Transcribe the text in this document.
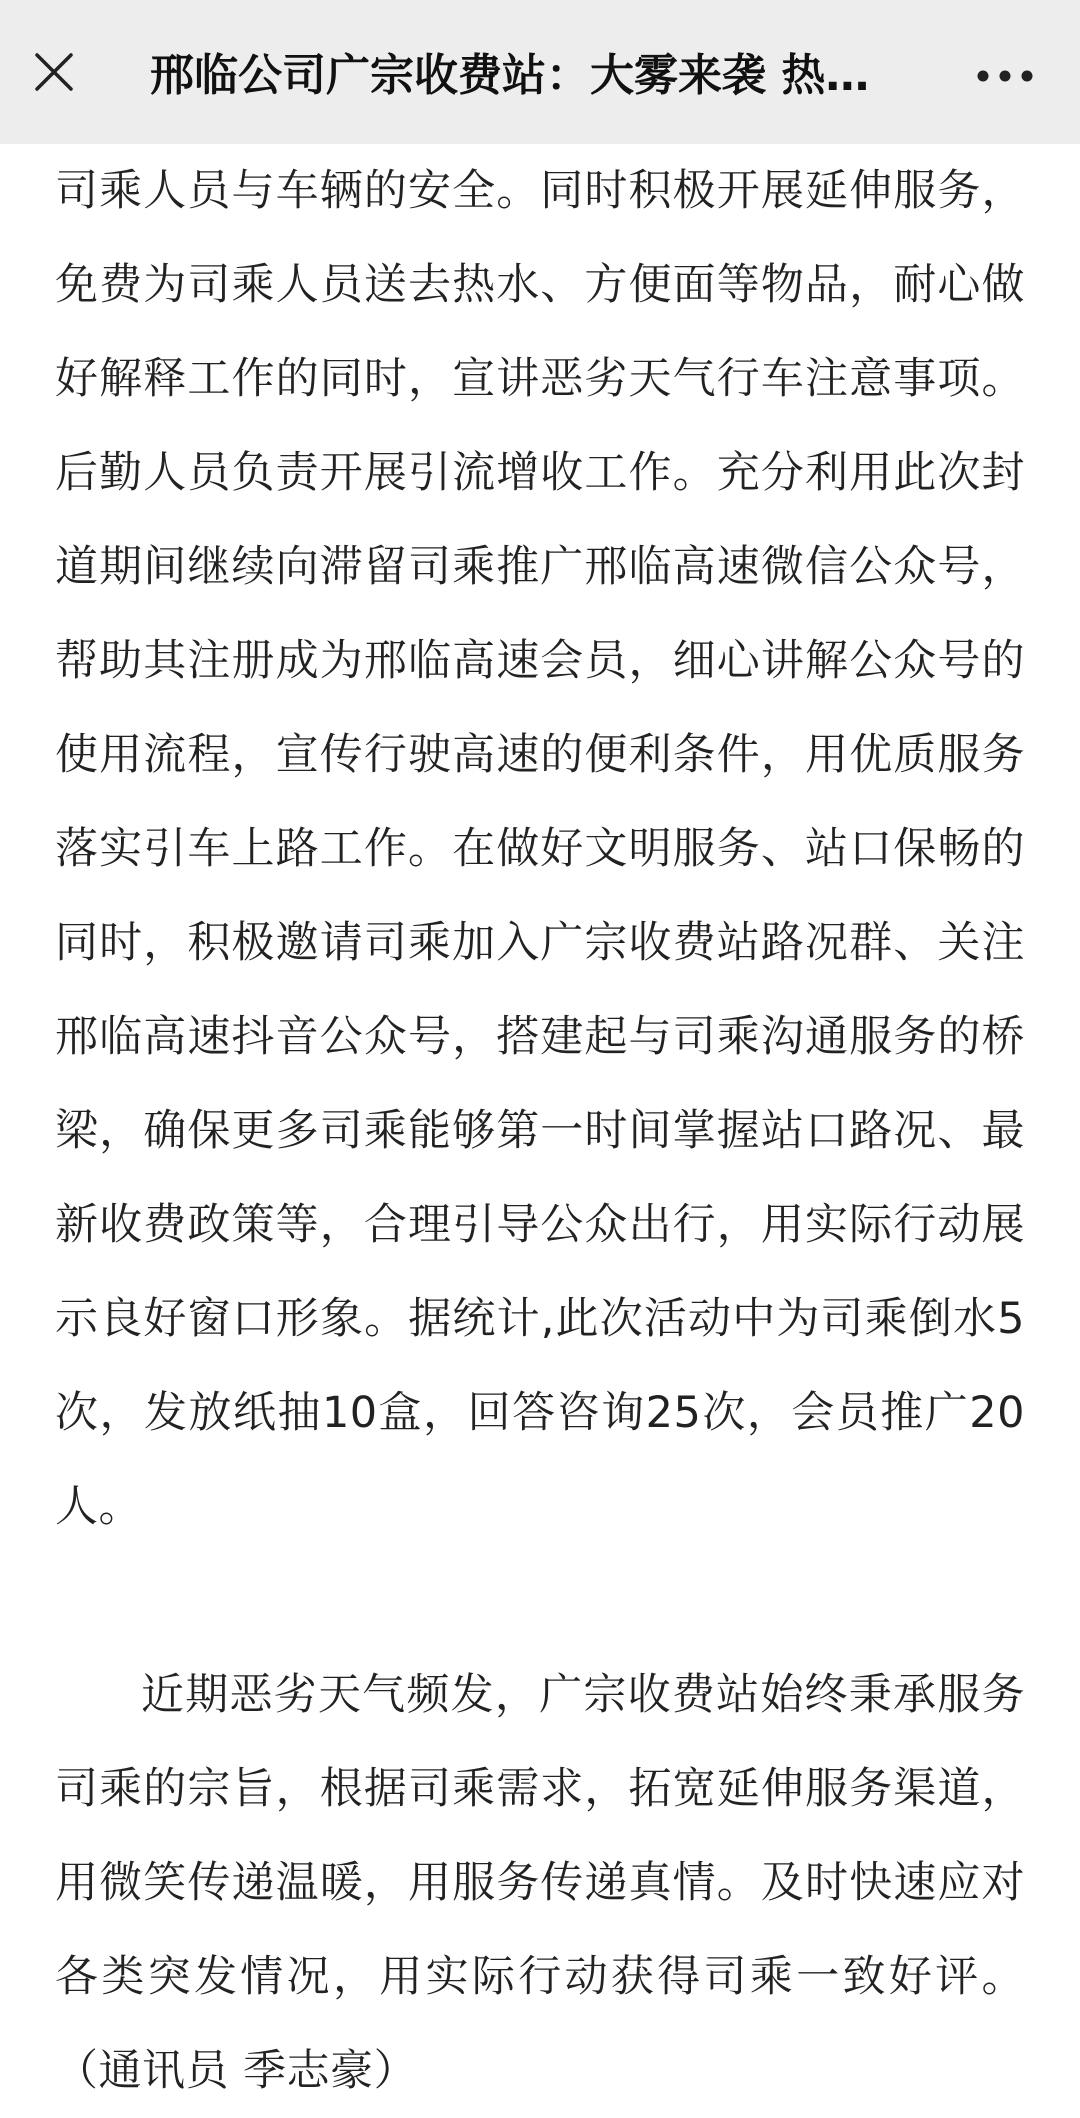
邢临公司广宗收费站：大雾来袭 热…

司乘人员与车辆的安全。同时积极开展延伸服务，免费为司乘人员送去热水、方便面等物品，耐心做好解释工作的同时，宣讲恶劣天气行车注意事项。后勤人员负责开展引流增收工作。充分利用此次封道期间继续向滞留司乘推广邢临高速微信公众号，帮助其注册成为邢临高速会员，细心讲解公众号的使用流程，宣传行驶高速的便利条件，用优质服务落实引车上路工作。在做好文明服务、站口保畅的同时，积极邀请司乘加入广宗收费站路况群、关注邢临高速抖音公众号，搭建起与司乘沟通服务的桥梁，确保更多司乘能够第一时间掌握站口路况、最新收费政策等，合理引导公众出行，用实际行动展示良好窗口形象。据统计,此次活动中为司乘倒水5次，发放纸抽10盒，回答咨询25次，会员推广20人。

近期恶劣天气频发，广宗收费站始终秉承服务司乘的宗旨，根据司乘需求，拓宽延伸服务渠道，用微笑传递温暖，用服务传递真情。及时快速应对各类突发情况，用实际行动获得司乘一致好评。（通讯员 季志豪）
